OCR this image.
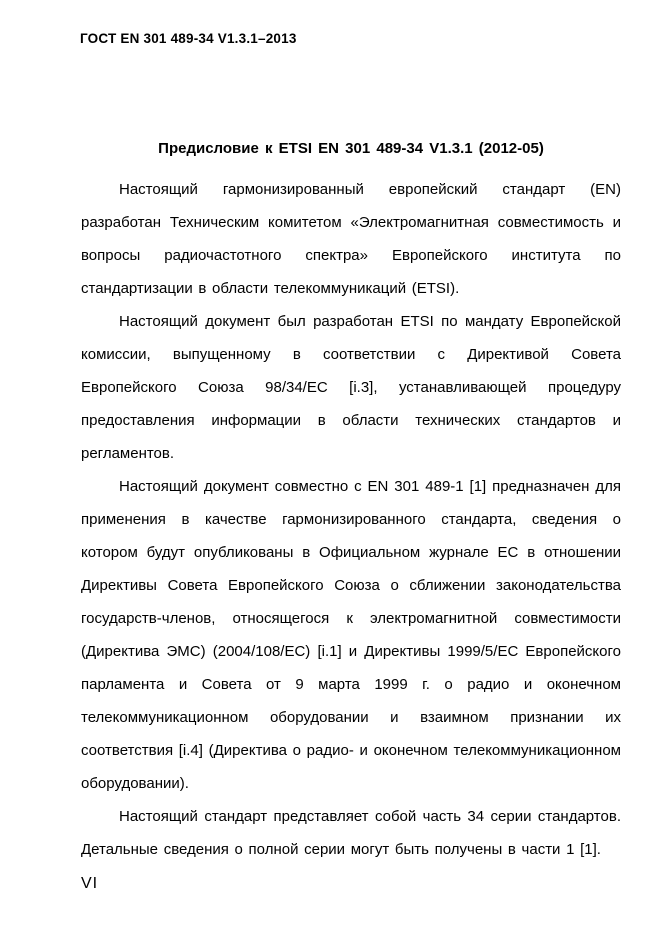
ГОСТ EN 301 489-34 V1.3.1–2013
Предисловие к ETSI EN 301 489-34 V1.3.1 (2012-05)

Настоящий гармонизированный европейский стандарт (EN) разработан Техническим комитетом «Электромагнитная совместимость и вопросы радиочастотного спектра» Европейского института по стандартизации в области телекоммуникаций (ETSI).

Настоящий документ был разработан ETSI по мандату Европейской комиссии, выпущенному в соответствии с Директивой Совета Европейского Союза 98/34/ЕС [i.3], устанавливающей процедуру предоставления информации в области технических стандартов и регламентов.

Настоящий документ совместно с EN 301 489-1 [1] предназначен для применения в качестве гармонизированного стандарта, сведения о котором будут опубликованы в Официальном журнале ЕС в отношении Директивы Совета Европейского Союза о сближении законодательства государств-членов, относящегося к электромагнитной совместимости (Директива ЭМС) (2004/108/ЕС) [i.1] и Директивы 1999/5/ЕС Европейского парламента и Совета от 9 марта 1999 г. о радио и оконечном телекоммуникационном оборудовании и взаимном признании их соответствия [i.4] (Директива о радио- и оконечном телекоммуникационном оборудовании).

Настоящий стандарт представляет собой часть 34 серии стандартов. Детальные сведения о полной серии могут быть получены в части 1 [1].

VI
